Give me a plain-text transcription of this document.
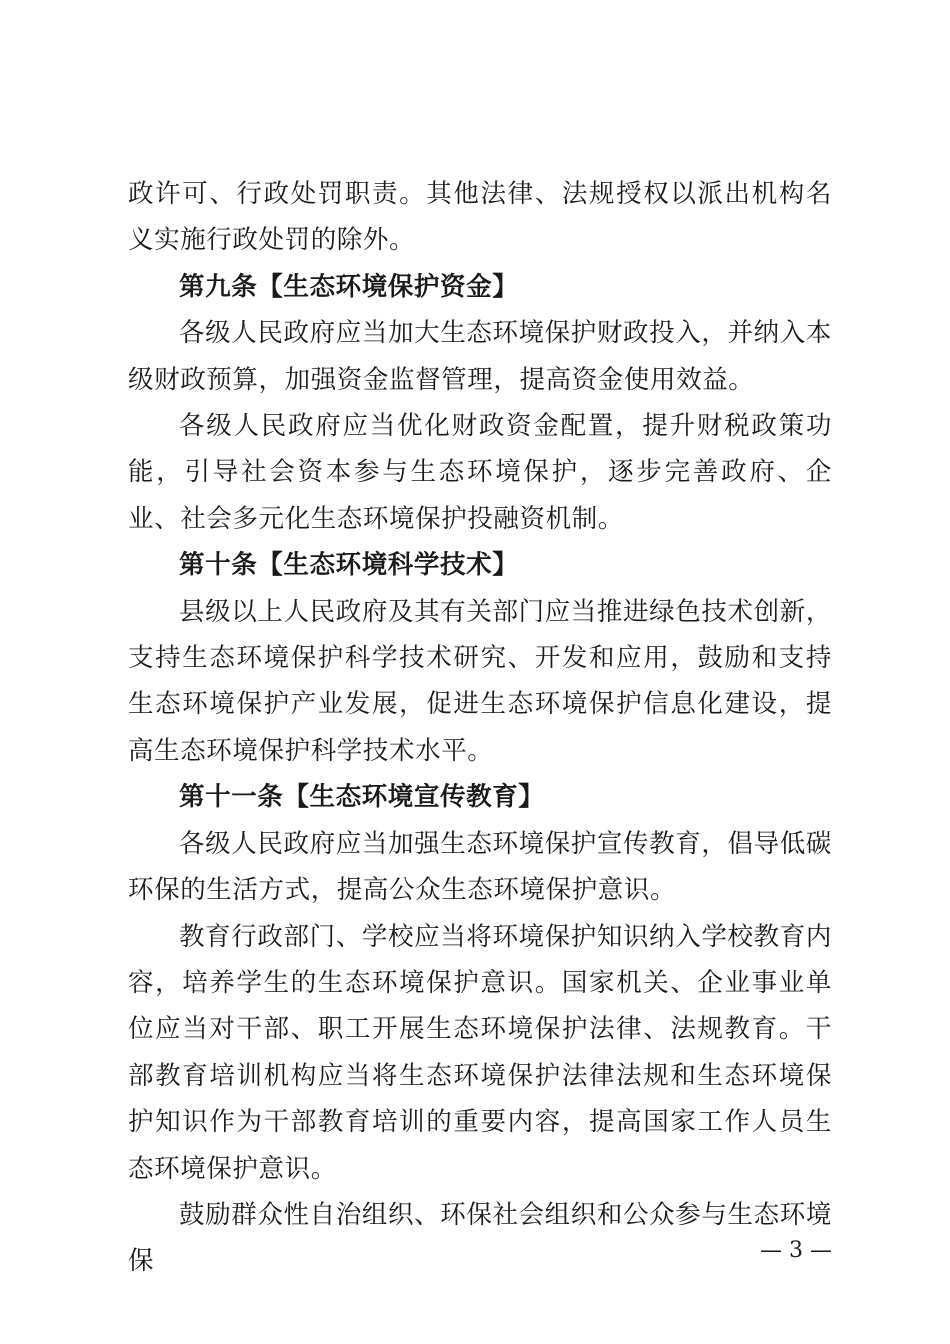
政许可、行政处罚职责。其他法律、法规授权以派出机构名义实施行政处罚的除外。

第九条【生态环境保护资金】

各级人民政府应当加大生态环境保护财政投入，并纳入本级财政预算，加强资金监督管理，提高资金使用效益。

各级人民政府应当优化财政资金配置，提升财税政策功能，引导社会资本参与生态环境保护，逐步完善政府、企业、社会多元化生态环境保护投融资机制。

第十条【生态环境科学技术】

县级以上人民政府及其有关部门应当推进绿色技术创新，支持生态环境保护科学技术研究、开发和应用，鼓励和支持生态环境保护产业发展，促进生态环境保护信息化建设，提高生态环境保护科学技术水平。

第十一条【生态环境宣传教育】

各级人民政府应当加强生态环境保护宣传教育，倡导低碳环保的生活方式，提高公众生态环境保护意识。

教育行政部门、学校应当将环境保护知识纳入学校教育内容，培养学生的生态环境保护意识。国家机关、企业事业单位应当对干部、职工开展生态环境保护法律、法规教育。干部教育培训机构应当将生态环境保护法律法规和生态环境保护知识作为干部教育培训的重要内容，提高国家工作人员生态环境保护意识。

鼓励群众性自治组织、环保社会组织和公众参与生态环境保	— 3 —
